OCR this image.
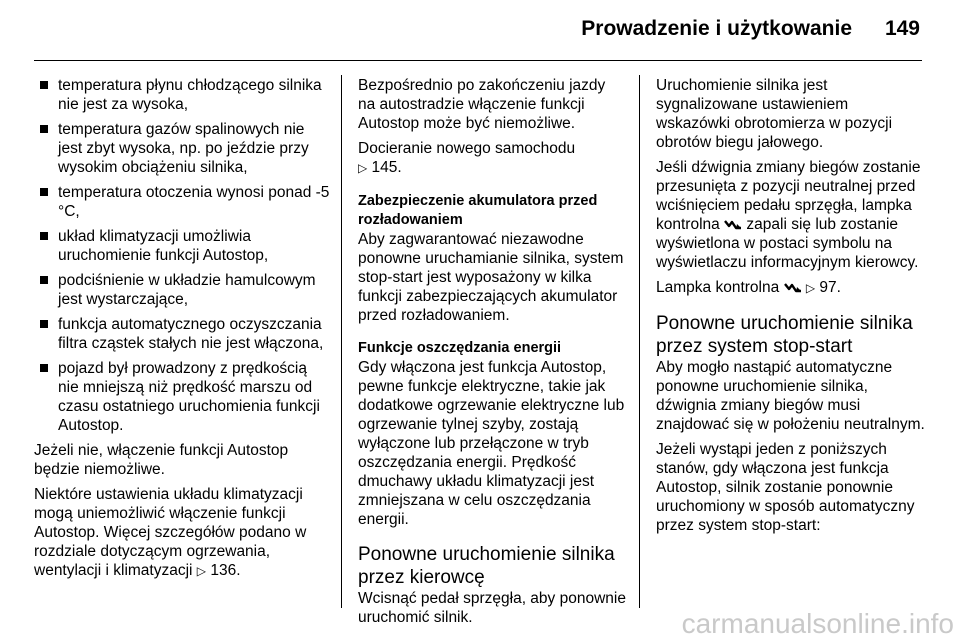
Prowadzenie i użytkowanie 149
temperatura płynu chłodzącego silnika nie jest za wysoka,
temperatura gazów spalinowych nie jest zbyt wysoka, np. po jeździe przy wysokim obciążeniu silnika,
temperatura otoczenia wynosi ponad -5 °C,
układ klimatyzacji umożliwia uruchomienie funkcji Autostop,
podciśnienie w układzie hamulcowym jest wystarczające,
funkcja automatycznego oczyszczania filtra cząstek stałych nie jest włączona,
pojazd był prowadzony z prędkością nie mniejszą niż prędkość marszu od czasu ostatniego uruchomienia funkcji Autostop.

Jeżeli nie, włączenie funkcji Autostop będzie niemożliwe.

Niektóre ustawienia układu klimatyzacji mogą uniemożliwić włączenie funkcji Autostop. Więcej szczegółów podano w rozdziale dotyczącym ogrzewania, wentylacji i klimatyzacji ▷ 136.

Bezpośrednio po zakończeniu jazdy na autostradzie włączenie funkcji Autostop może być niemożliwe.

Docieranie nowego samochodu
▷ 145.

Zabezpieczenie akumulatora przed rozładowaniem

Aby zagwarantować niezawodne ponowne uruchamianie silnika, system stop-start jest wyposażony w kilka funkcji zabezpieczających akumulator przed rozładowaniem.

Funkcje oszczędzania energii

Gdy włączona jest funkcja Autostop, pewne funkcje elektryczne, takie jak dodatkowe ogrzewanie elektryczne lub ogrzewanie tylnej szyby, zostają wyłączone lub przełączone w tryb oszczędzania energii. Prędkość dmuchawy układu klimatyzacji jest zmniejszana w celu oszczędzania energii.

Ponowne uruchomienie silnika przez kierowcę

Wcisnąć pedał sprzęgła, aby ponownie uruchomić silnik.

Uruchomienie silnika jest sygnalizowane ustawieniem wskazówki obrotomierza w pozycji obrotów biegu jałowego.

Jeśli dźwignia zmiany biegów zostanie przesunięta z pozycji neutralnej przed wciśnięciem pedału sprzęgła, lampka kontrolna zapali się lub zostanie wyświetlona w postaci symbolu na wyświetlaczu informacyjnym kierowcy.

Lampka kontrolna ▷ 97.

Ponowne uruchomienie silnika przez system stop-start

Aby mogło nastąpić automatyczne ponowne uruchomienie silnika, dźwignia zmiany biegów musi znajdować się w położeniu neutralnym.

Jeżeli wystąpi jeden z poniższych stanów, gdy włączona jest funkcja Autostop, silnik zostanie ponownie uruchomiony w sposób automatyczny przez system stop-start:

carmanualsonline.info
